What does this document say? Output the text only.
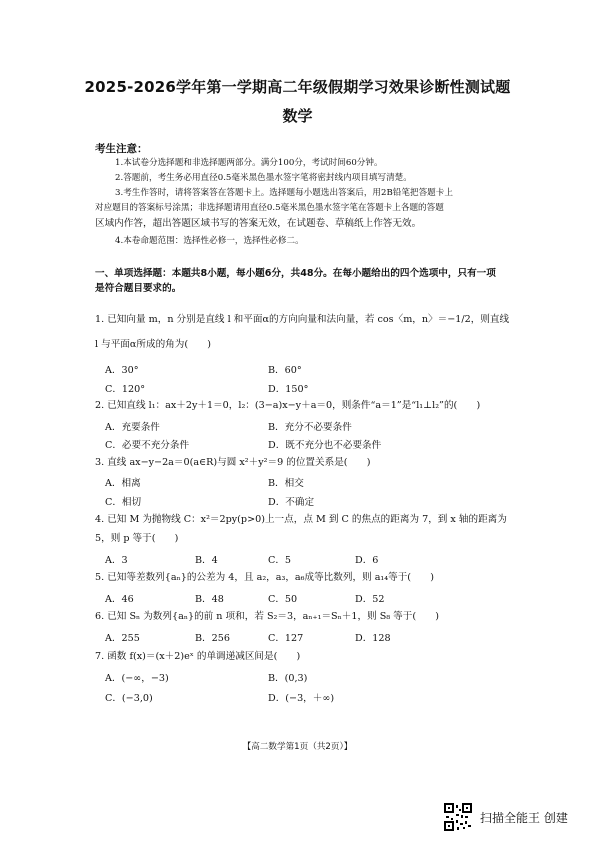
2025-2026学年第一学期高二年级假期学习效果诊断性测试题
数学
考生注意：
1.本试卷分选择题和非选择题两部分。满分100分，考试时间60分钟。
2.答题前，考生务必用直径0.5毫米黑色墨水签字笔将密封线内项目填写清楚。
3.考生作答时，请将答案答在答题卡上。选择题每小题选出答案后，用2B铅笔把答题卡上
对应题目的答案标号涂黑；非选择题请用直径0.5毫米黑色墨水签字笔在答题卡上各题的答题
区域内作答，超出答题区域书写的答案无效，在试题卷、草稿纸上作答无效。
4.本卷命题范围：选择性必修一，选择性必修二。
一、单项选择题：本题共8小题，每小题6分，共48分。在每小题给出的四个选项中，只有一项
是符合题目要求的。
1. 已知向量 m，n 分别是直线 l 和平面α的方向向量和法向量，若 cos〈m，n〉＝−1/2，则直线
l 与平面α所成的角为(　　)
A．30°	B．60°
C．120°	D．150°
2. 已知直线 l₁：ax＋2y＋1＝0，l₂：(3−a)x−y＋a＝0，则条件“a＝1”是“l₁⊥l₂”的(　　)
A．充要条件	B．充分不必要条件
C．必要不充分条件	D．既不充分也不必要条件
3. 直线 ax−y−2a＝0(a∈R)与圆 x²＋y²＝9 的位置关系是(　　)
A．相离	B．相交
C．相切	D．不确定
4. 已知 M 为抛物线 C：x²＝2py(p>0)上一点，点 M 到 C 的焦点的距离为 7，到 x 轴的距离为
5，则 p 等于(　　)
A．3	B．4	C．5	D．6
5. 已知等差数列{aₙ}的公差为 4，且 a₂，a₃，a₆成等比数列，则 a₁₄等于(　　)
A．46	B．48	C．50	D．52
6. 已知 Sₙ 为数列{aₙ}的前 n 项和，若 S₂＝3，aₙ₊₁＝Sₙ＋1，则 S₈ 等于(　　)
A．255	B．256	C．127	D．128
7. 函数 f(x)＝(x＋2)eˣ 的单调递减区间是(　　)
A．(−∞，−3)	B．(0,3)
C．(−3,0)	D．(−3，＋∞)
【高二数学第1页（共2页）】
扫描全能王 创建
